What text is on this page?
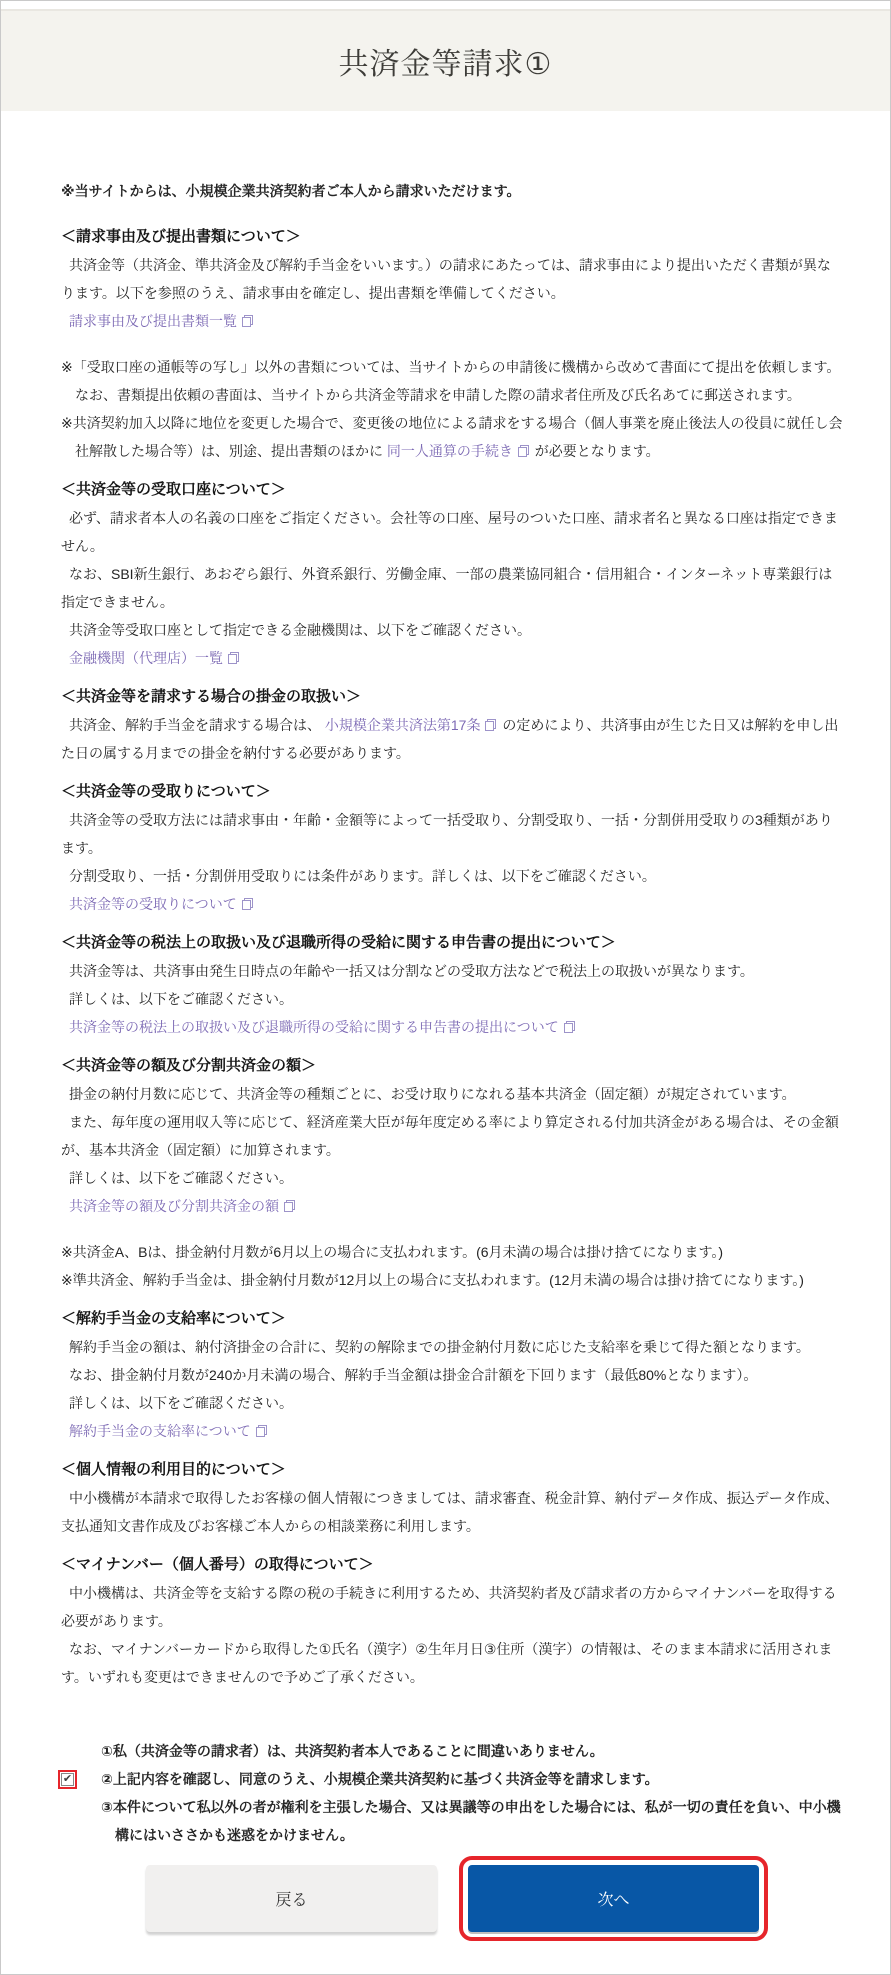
共済金等請求①

※当サイトからは、小規模企業共済契約者ご本人から請求いただけます。

＜請求事由及び提出書類について＞

共済金等（共済金、準共済金及び解約手当金をいいます。）の請求にあたっては、請求事由により提出いただく書類が異なります。以下を参照のうえ、請求事由を確定し、提出書類を準備してください。

請求事由及び提出書類一覧

※「受取口座の通帳等の写し」以外の書類については、当サイトからの申請後に機構から改めて書面にて提出を依頼します。

なお、書類提出依頼の書面は、当サイトから共済金等請求を申請した際の請求者住所及び氏名あてに郵送されます。

※共済契約加入以降に地位を変更した場合で、変更後の地位による請求をする場合（個人事業を廃止後法人の役員に就任し会社解散した場合等）は、別途、提出書類のほかに 同一人通算の手続き が必要となります。

＜共済金等の受取口座について＞

必ず、請求者本人の名義の口座をご指定ください。会社等の口座、屋号のついた口座、請求者名と異なる口座は指定できません。

なお、SBI新生銀行、あおぞら銀行、外資系銀行、労働金庫、一部の農業協同組合・信用組合・インターネット専業銀行は指定できません。

共済金等受取口座として指定できる金融機関は、以下をご確認ください。

金融機関（代理店）一覧

＜共済金等を請求する場合の掛金の取扱い＞

共済金、解約手当金を請求する場合は、 小規模企業共済法第17条 の定めにより、共済事由が生じた日又は解約を申し出た日の属する月までの掛金を納付する必要があります。

＜共済金等の受取りについて＞

共済金等の受取方法には請求事由・年齢・金額等によって一括受取り、分割受取り、一括・分割併用受取りの3種類があります。

分割受取り、一括・分割併用受取りには条件があります。詳しくは、以下をご確認ください。

共済金等の受取りについて

＜共済金等の税法上の取扱い及び退職所得の受給に関する申告書の提出について＞

共済金等は、共済事由発生日時点の年齢や一括又は分割などの受取方法などで税法上の取扱いが異なります。

詳しくは、以下をご確認ください。

共済金等の税法上の取扱い及び退職所得の受給に関する申告書の提出について

＜共済金等の額及び分割共済金の額＞

掛金の納付月数に応じて、共済金等の種類ごとに、お受け取りになれる基本共済金（固定額）が規定されています。

また、毎年度の運用収入等に応じて、経済産業大臣が毎年度定める率により算定される付加共済金がある場合は、その金額が、基本共済金（固定額）に加算されます。

詳しくは、以下をご確認ください。

共済金等の額及び分割共済金の額

※共済金A、Bは、掛金納付月数が6月以上の場合に支払われます。(6月未満の場合は掛け捨てになります。)

※準共済金、解約手当金は、掛金納付月数が12月以上の場合に支払われます。(12月未満の場合は掛け捨てになります。)

＜解約手当金の支給率について＞

解約手当金の額は、納付済掛金の合計に、契約の解除までの掛金納付月数に応じた支給率を乗じて得た額となります。

なお、掛金納付月数が240か月未満の場合、解約手当金額は掛金合計額を下回ります（最低80%となります）。

詳しくは、以下をご確認ください。

解約手当金の支給率について

＜個人情報の利用目的について＞

中小機構が本請求で取得したお客様の個人情報につきましては、請求審査、税金計算、納付データ作成、振込データ作成、支払通知文書作成及びお客様ご本人からの相談業務に利用します。

＜マイナンバー（個人番号）の取得について＞

中小機構は、共済金等を支給する際の税の手続きに利用するため、共済契約者及び請求者の方からマイナンバーを取得する必要があります。

なお、マイナンバーカードから取得した①氏名（漢字）②生年月日③住所（漢字）の情報は、そのまま本請求に活用されます。いずれも変更はできませんので予めご了承ください。

✔

①私（共済金等の請求者）は、共済契約者本人であることに間違いありません。

②上記内容を確認し、同意のうえ、小規模企業共済契約に基づく共済金等を請求します。

③本件について私以外の者が権利を主張した場合、又は異議等の申出をした場合には、私が一切の責任を負い、中小機構にはいささかも迷惑をかけません。

戻る	次へ
